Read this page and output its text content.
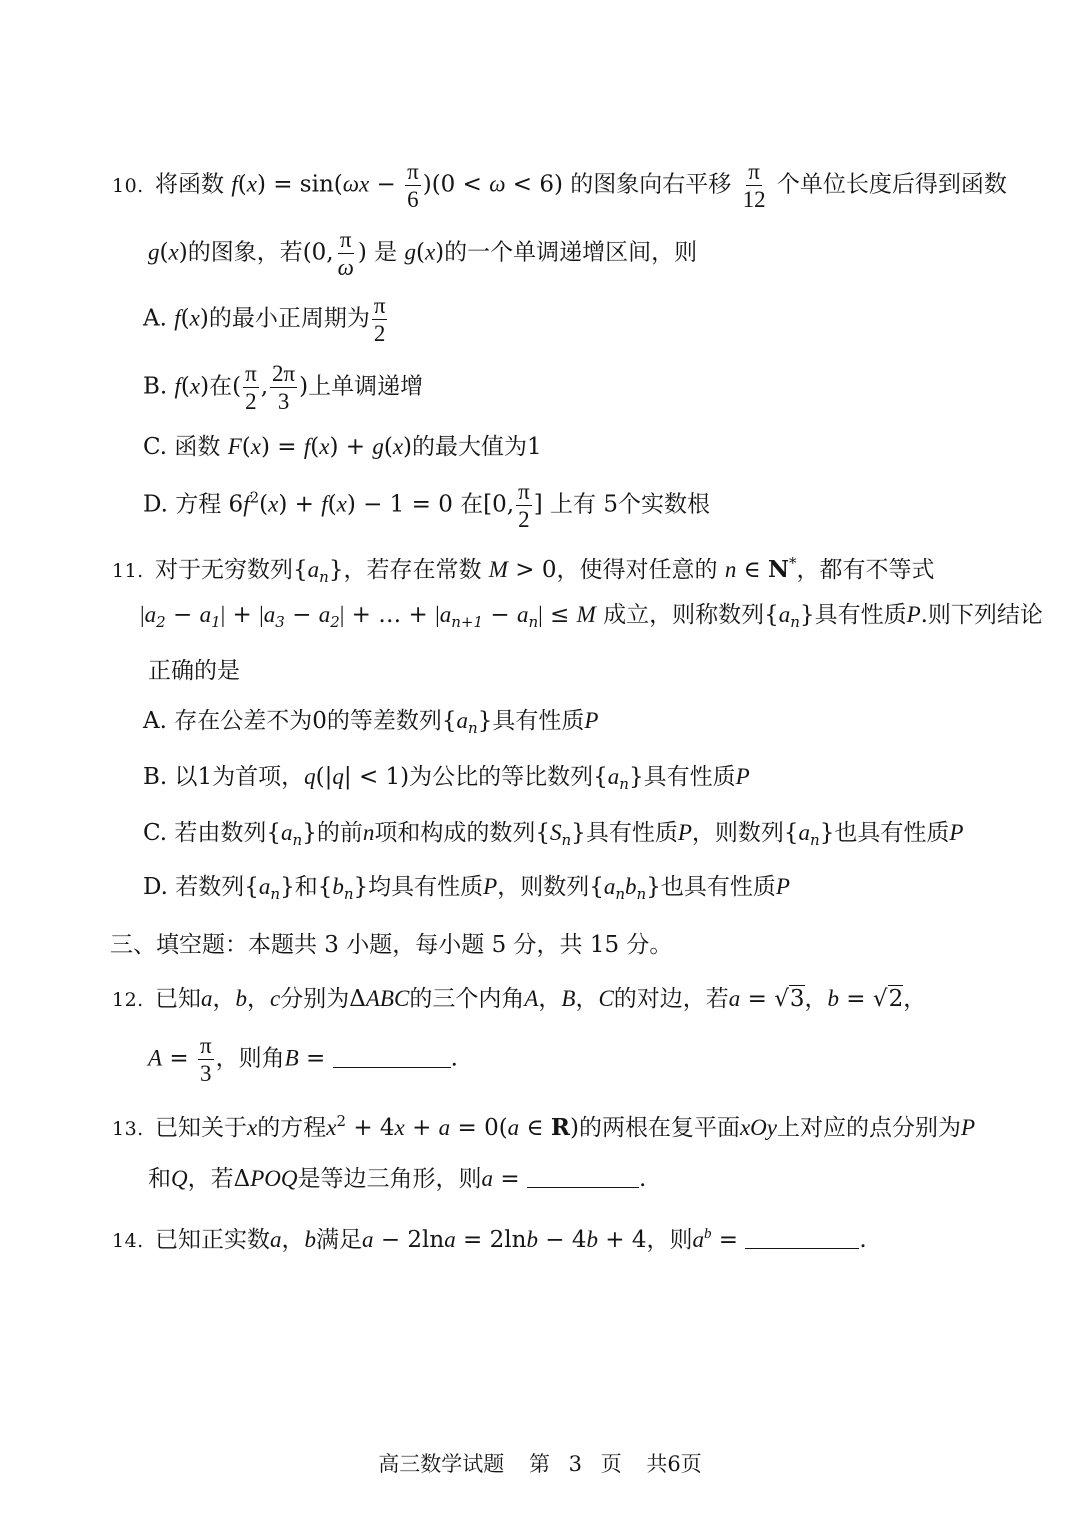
10. 将函数 $f(x) = \sin(\omega x - \frac{\pi}{6} )(0 < \omega < 6)$ 的图象向右平移 $\frac{\pi}{12}$ 个单位长度后得到函数
g(x)的图象，若(0, $\frac{\pi}{\omega}$ ) 是 g(x)的一个单调递增区间，则
A. f(x)的最小正周期为 $\frac{\pi}{2}$
B. f(x)在( $\frac{\pi}{2}$ , $\frac{2\pi}{3}$ )上单调递增
C. 函数 F(x) = f(x) + g(x)的最大值为1
D. 方程 $6f^2(x) + f(x) - 1 = 0$ 在[0, $\frac{\pi}{2}$ ] 上有 5个实数根
11. 对于无穷数列$\{a_n\}$，若存在常数 M > 0，使得对任意的 n ∈ N*，都有不等式
$|a_2 - a_1| + |a_3 - a_2|$ + … + $|a_{n+1} - a_n| \le M$ 成立，则称数列$\{a_n\}$具有性质P.则下列结论
正确的是
A. 存在公差不为0的等差数列$\{a_n\}$具有性质P
B. 以1为首项，q(|q| < 1)为公比的等比数列$\{a_n\}$具有性质P
C. 若由数列$\{a_n\}$的前n项和构成的数列$\{S_n\}$具有性质P，则数列$\{a_n\}$也具有性质P
D. 若数列$\{a_n\}$和$\{b_n\}$均具有性质P，则数列$\{a_nb_n\}$也具有性质P
三、填空题：本题共 3 小题，每小题 5 分，共 15 分。
12. 已知a，b，c分别为ΔABC的三个内角A，B，C的对边，若a = √3，b = √2，
$A = \frac{\pi}{3}$ ，则角B =	.
13. 已知关于x的方程$x^2 + 4x + a = 0(a$ ∈ R)的两根在复平面xOy上对应的点分别为P
和Q，若ΔPOQ是等边三角形，则a =	.
14. 已知正实数a，b满足a − 2lna = 2lnb − 4b + 4，则$a^b$ =	.
高三数学试题 第 3 页 共6页
